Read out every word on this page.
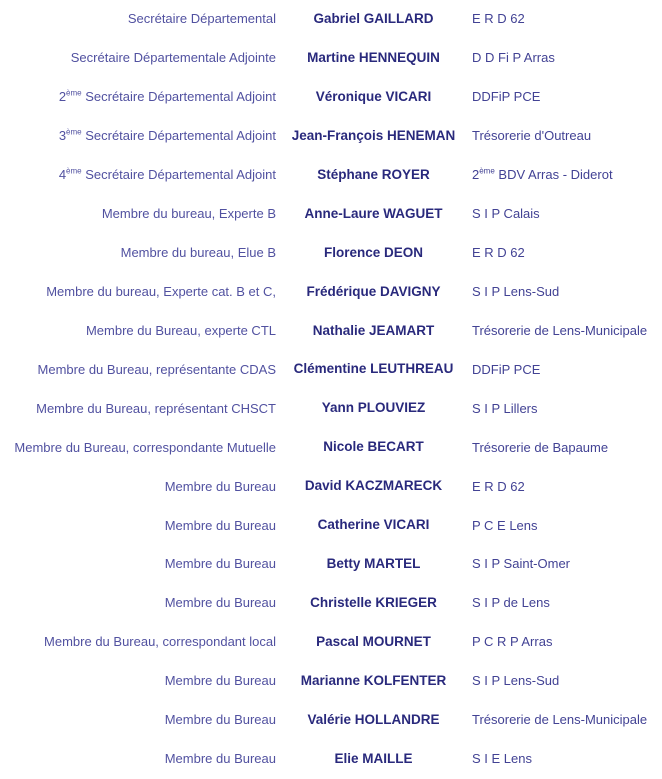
Secrétaire Départemental	Gabriel GAILLARD	E R D 62
Secrétaire Départementale Adjointe	Martine HENNEQUIN	D D Fi P Arras
2ème Secrétaire Départemental Adjoint	Véronique VICARI	DDFiP PCE
3ème Secrétaire Départemental Adjoint	Jean-François HENEMAN	Trésorerie d'Outreau
4ème Secrétaire Départemental Adjoint	Stéphane ROYER	2ème BDV Arras - Diderot
Membre du bureau, Experte B	Anne-Laure WAGUET	S I P Calais
Membre du bureau, Elue B	Florence DEON	E R D 62
Membre du bureau, Experte cat. B et C,	Frédérique DAVIGNY	S I P Lens-Sud
Membre du Bureau, experte CTL	Nathalie JEAMART	Trésorerie de Lens-Municipale
Membre du Bureau, représentante CDAS	Clémentine LEUTHREAU	DDFiP PCE
Membre du Bureau, représentant CHSCT	Yann PLOUVIEZ	S I P Lillers
Membre du Bureau, correspondante Mutuelle	Nicole BECART	Trésorerie de Bapaume
Membre du Bureau	David KACZMARECK	E R D 62
Membre du Bureau	Catherine VICARI	P C E Lens
Membre du Bureau	Betty MARTEL	S I P Saint-Omer
Membre du Bureau	Christelle KRIEGER	S I P de Lens
Membre du Bureau, correspondant local	Pascal MOURNET	P C R P Arras
Membre du Bureau	Marianne KOLFENTER	S I P Lens-Sud
Membre du Bureau	Valérie HOLLANDRE	Trésorerie de Lens-Municipale
Membre du Bureau	Elie MAILLE	S I E Lens
